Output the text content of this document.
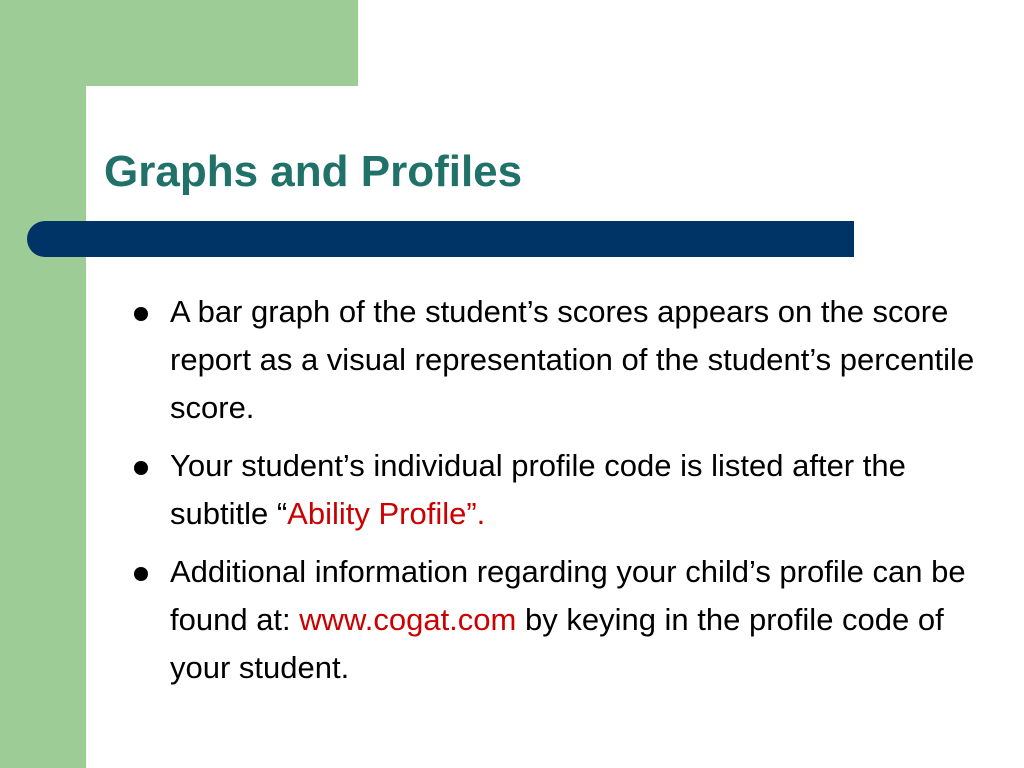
Graphs and Profiles
A bar graph of the student’s scores appears on the score report as a visual representation of the student’s percentile score.
Your student’s individual profile code is listed after the subtitle “Ability Profile”.
Additional information regarding your child’s profile can be found at: www.cogat.com by keying in the profile code of your student.
